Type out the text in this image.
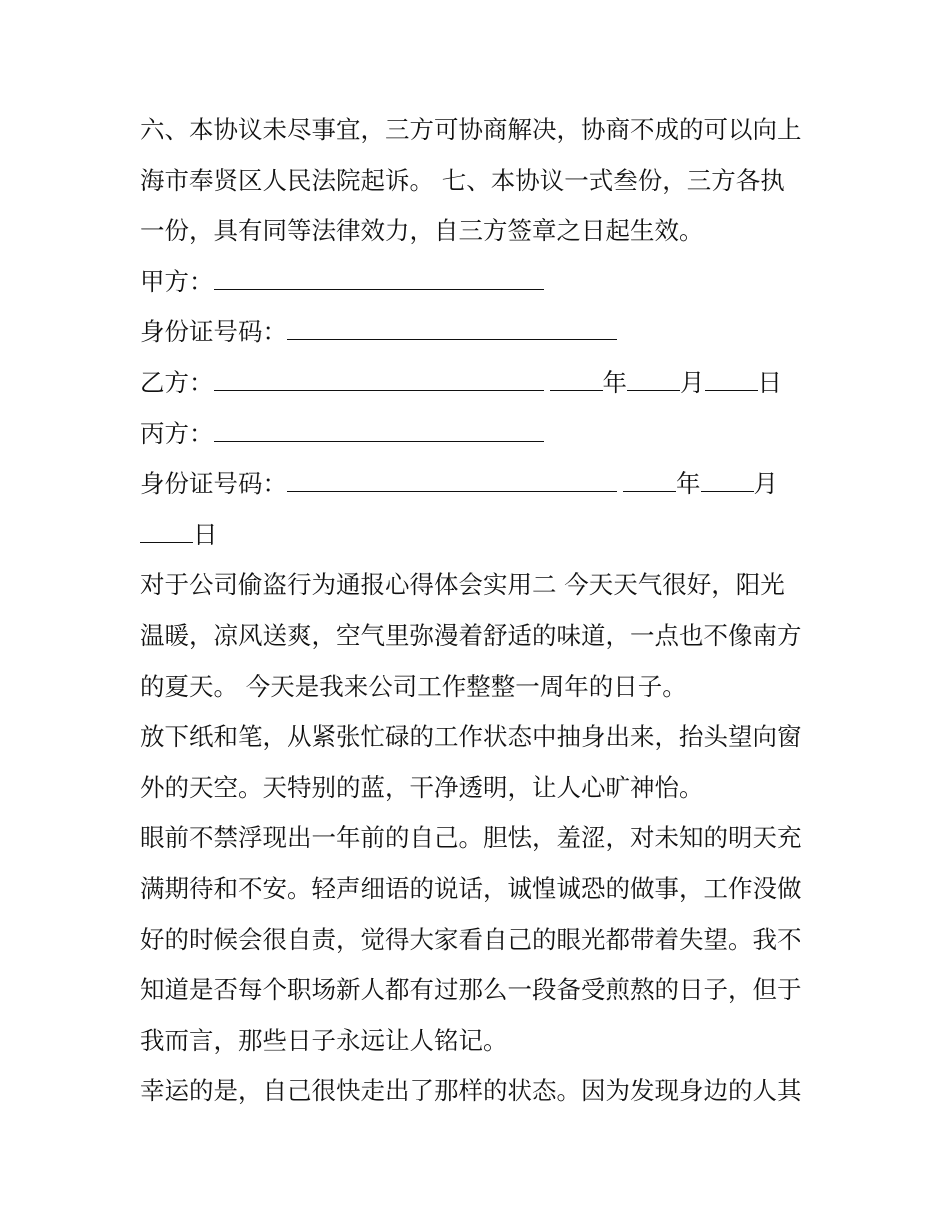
六、本协议未尽事宜，三方可协商解决，协商不成的可以向上
海市奉贤区人民法院起诉。 七、本协议一式叁份，三方各执
一份，具有同等法律效力，自三方签章之日起生效。
甲方：
身份证号码：
乙方：	年 月 日
丙方：
身份证号码：	年 月
日
对于公司偷盗行为通报心得体会实用二 今天天气很好，阳光
温暖，凉风送爽，空气里弥漫着舒适的味道，一点也不像南方
的夏天。 今天是我来公司工作整整一周年的日子。
放下纸和笔，从紧张忙碌的工作状态中抽身出来，抬头望向窗
外的天空。天特别的蓝，干净透明，让人心旷神怡。
眼前不禁浮现出一年前的自己。胆怯，羞涩，对未知的明天充
满期待和不安。轻声细语的说话，诚惶诚恐的做事，工作没做
好的时候会很自责，觉得大家看自己的眼光都带着失望。我不
知道是否每个职场新人都有过那么一段备受煎熬的日子，但于
我而言，那些日子永远让人铭记。
幸运的是，自己很快走出了那样的状态。因为发现身边的人其
